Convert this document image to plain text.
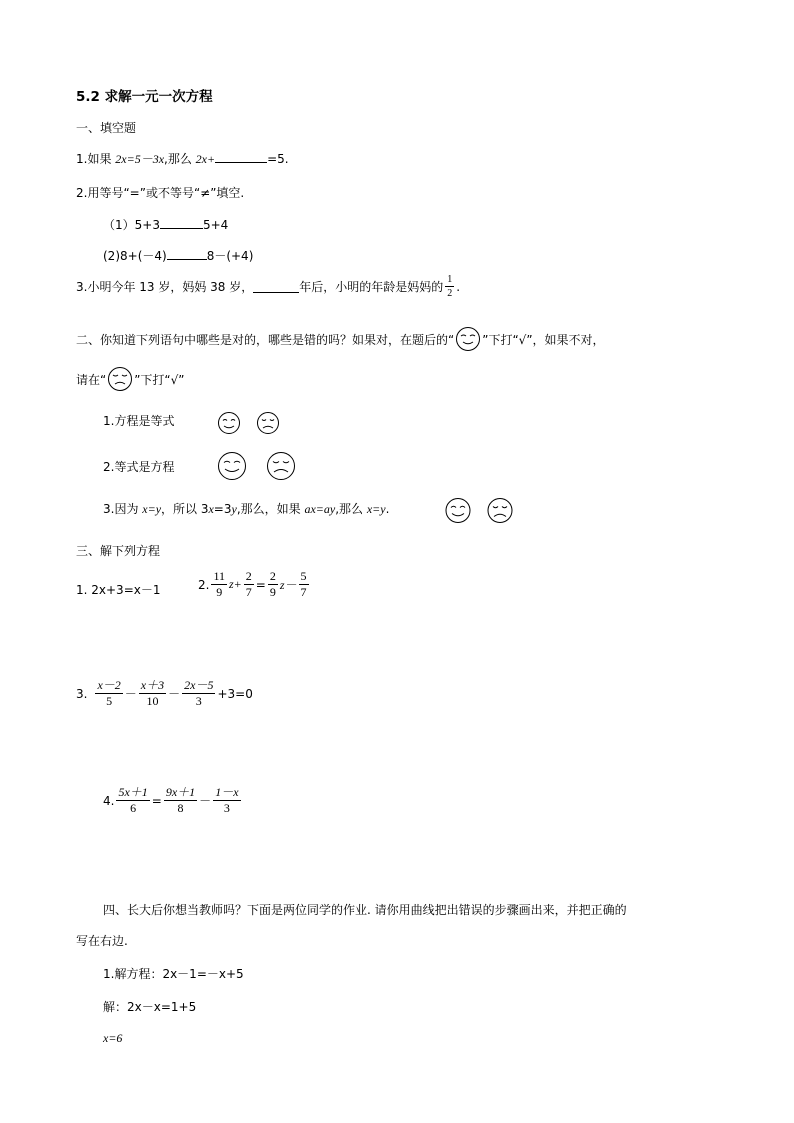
5.2 求解一元一次方程
一、填空题
1.如果 2x=5－3x,那么 2x+	=5.
2.用等号“=”或不等号“≠”填空.
（1）5+3	5+4
(2)8+(－4)	8－(+4)
3.小明今年 13 岁，妈妈 38 岁，	年后，小明的年龄是妈妈的 $\frac{1}{2}$ .
二、你知道下列语句中哪些是对的，哪些是错的吗？如果对，在题后的“ ”下打“√”，如果不对，
请在“ ”下打“√”
1.方程是等式
2.等式是方程
3.因为 x=y，所以 3x=3y,那么，如果 ax=ay,那么 x=y.
三、解下列方程
1. 2x+3=x－1	2. $\frac{11}{9} z+ \frac{2}{7} = \frac{2}{9} z- \frac{5}{7}$
3. $\frac{x-2}{5} - \frac{x+3}{10} - \frac{2x-5}{3} +3=0$
4. $\frac{5x+1}{6} = \frac{9x+1}{8} - \frac{1-x}{3}$
四、长大后你想当教师吗？下面是两位同学的作业. 请你用曲线把出错误的步骤画出来，并把正确的
写在右边.
1.解方程：2x－1=－x+5
解：2x－x=1+5
x=6
